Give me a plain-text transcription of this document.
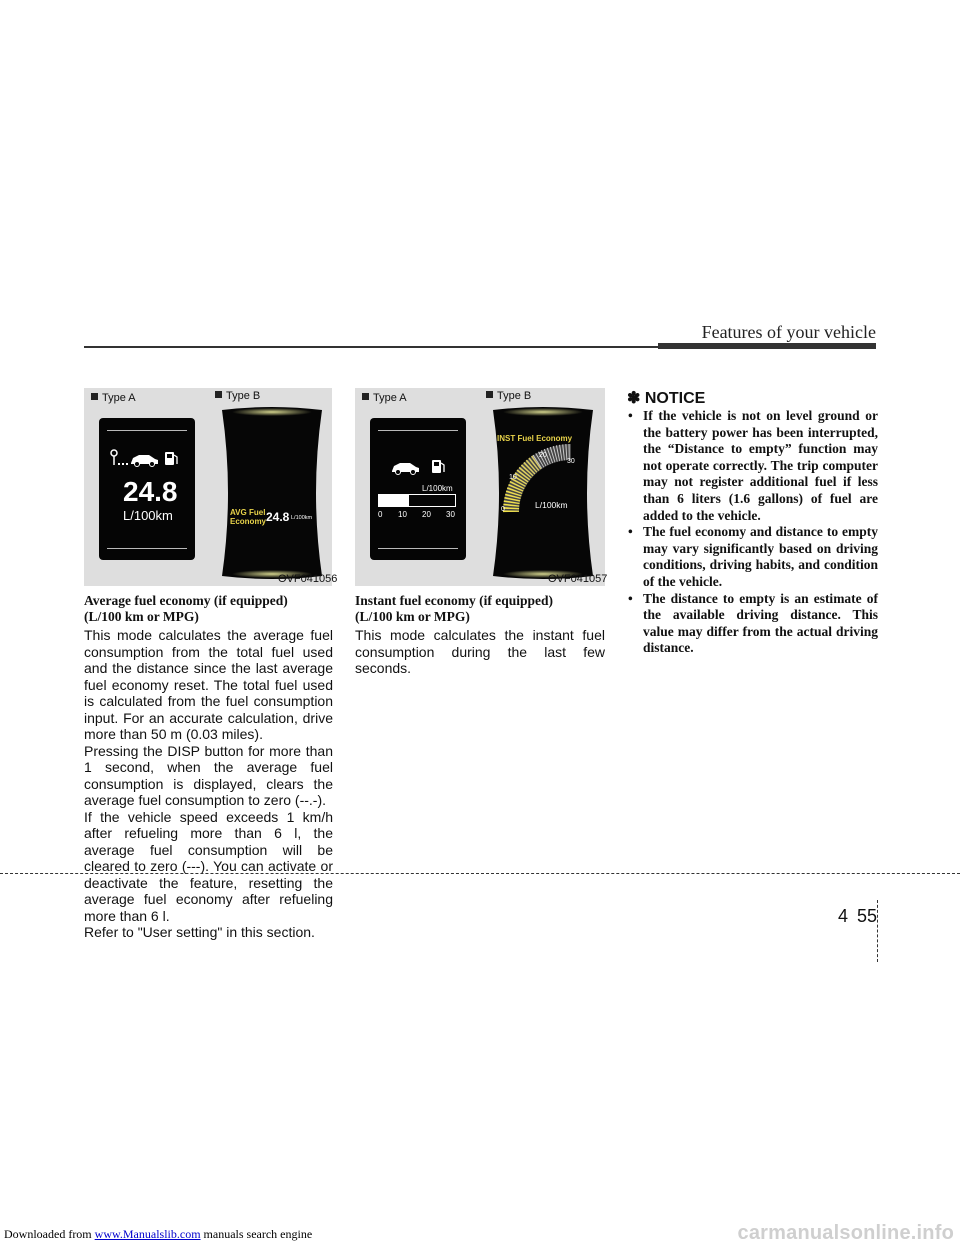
Features of your vehicle
Type A	Type B
24.8
L/100km	AVG Fuel
Economy 24.8 L/100km
OVF041056
Type A	Type B
L/100km
0 10 20 30
INST Fuel Economy
0
10
20
30
L/100km
OVF041057
Average fuel economy (if equipped)
(L/100 km or MPG)

This mode calculates the average fuel consumption from the total fuel used and the distance since the last average fuel economy reset. The total fuel used is calculated from the fuel consumption input. For an accurate calculation, drive more than 50 m (0.03 miles).

Pressing the DISP button for more than 1 second, when the average fuel consumption is displayed, clears the average fuel consumption to zero (--.-).

If the vehicle speed exceeds 1 km/h after refueling more than 6 l, the average fuel consumption will be cleared to zero (---). You can activate or deactivate the feature, resetting the average fuel economy after refueling more than 6 l.

Refer to "User setting" in this section.

Instant fuel economy (if equipped)
(L/100 km or MPG)
This mode calculates the instant fuel consumption during the last few seconds.
✽ NOTICE
• If the vehicle is not on level ground or the battery power has been interrupted, the “Distance to empty” function may not operate correctly. The trip computer may not register additional fuel if less than 6 liters (1.6 gallons) of fuel are added to the vehicle.
• The fuel economy and distance to empty may vary significantly based on driving conditions, driving habits, and condition of the vehicle.
• The distance to empty is an estimate of the available driving distance. This value may differ from the actual driving distance.
4 55
Downloaded from www.Manualslib.com manuals search engine	carmanualsonline.info
